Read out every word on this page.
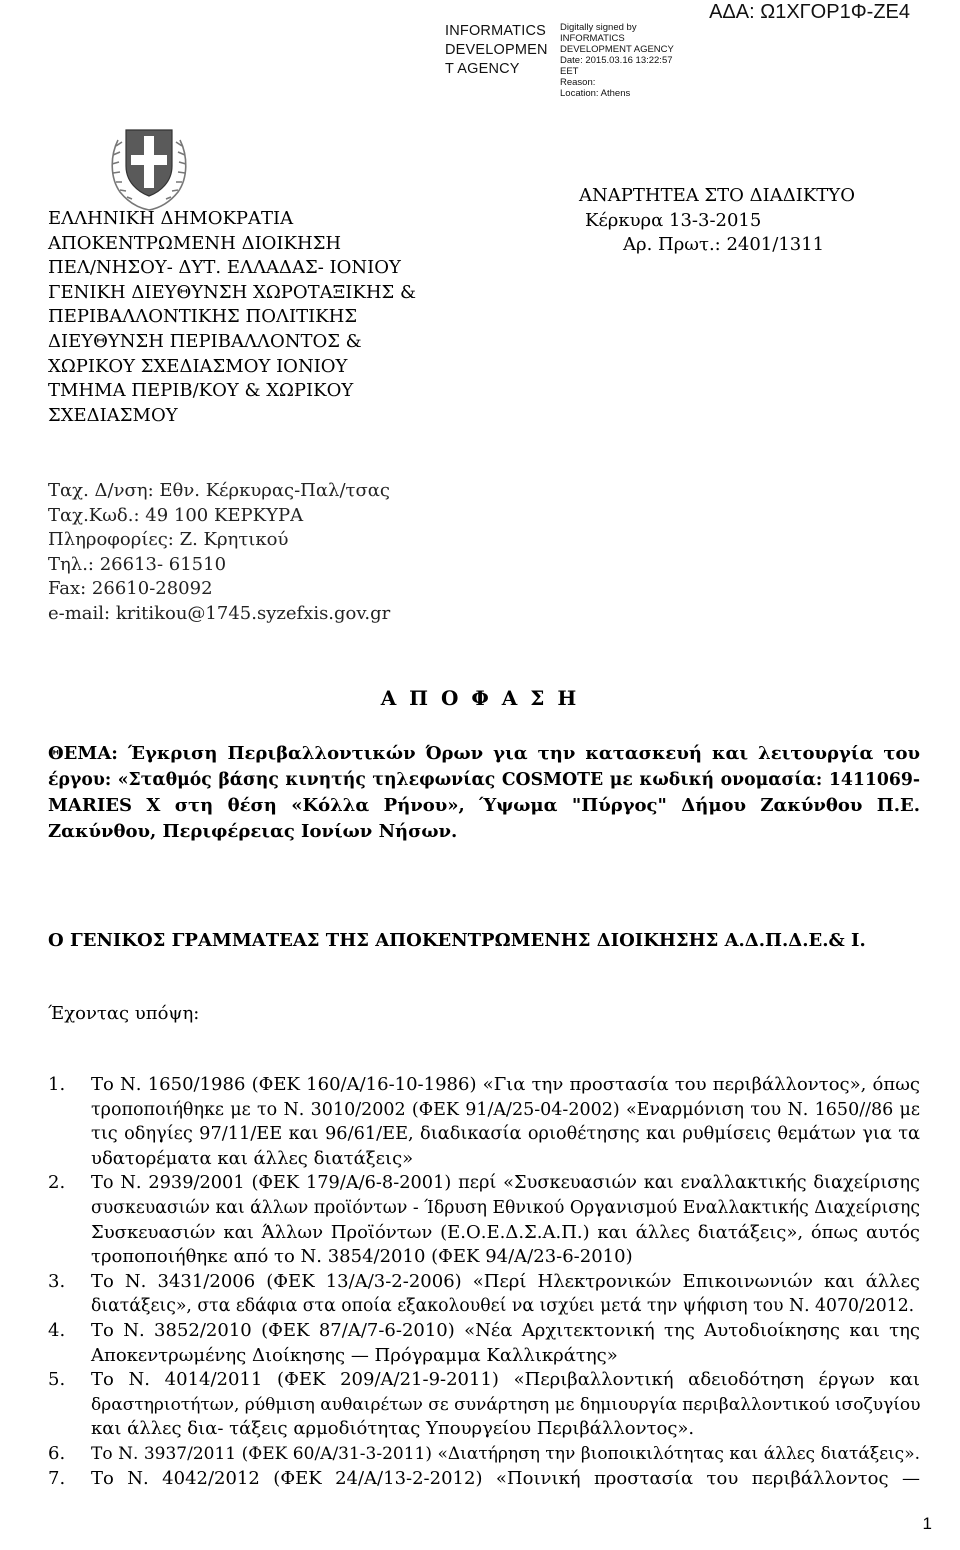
INFORMATICS
DEVELOPMEN
T AGENCY
Digitally signed by
INFORMATICS
DEVELOPMENT AGENCY
Date: 2015.03.16 13:22:57
EET
Reason:
Location: Athens
ΑΔΑ: Ω1ΧΓΟΡ1Φ-ΖΕ4
ΕΛΛΗΝΙΚΗ ΔΗΜΟΚΡΑΤΙΑ
ΑΠΟΚΕΝΤΡΩΜΕΝΗ ΔΙΟΙΚΗΣΗ
ΠΕΛ/ΝΗΣΟΥ- ΔΥΤ. ΕΛΛΑΔΑΣ- ΙΟΝΙΟΥ
ΓΕΝΙΚΗ ΔΙΕΥΘΥΝΣΗ ΧΩΡΟΤΑΞΙΚΗΣ &
ΠΕΡΙΒΑΛΛΟΝΤΙΚΗΣ ΠΟΛΙΤΙΚΗΣ
ΔΙΕΥΘΥΝΣΗ ΠΕΡΙΒΑΛΛΟΝΤΟΣ &
ΧΩΡΙΚΟΥ ΣΧΕΔΙΑΣΜΟΥ ΙΟΝΙΟΥ
ΤΜΗΜΑ ΠΕΡΙΒ/ΚΟΥ & ΧΩΡΙΚΟΥ
ΣΧΕΔΙΑΣΜΟΥ
ΑΝΑΡΤΗΤΕΑ ΣΤΟ ΔΙΑΔΙΚΤΥΟ
Κέρκυρα 13-3-2015
Αρ. Πρωτ.: 2401/1311
Ταχ. Δ/νση: Εθν. Κέρκυρας-Παλ/τσας
Ταχ.Κωδ.: 49 100 ΚΕΡΚΥΡΑ
Πληροφορίες: Ζ. Κρητικού
Τηλ.: 26613- 61510
Fax: 26610-28092
e-mail: kritikou@1745.syzefxis.gov.gr
Α Π Ο Φ Α Σ Η
ΘΕΜΑ: Έγκριση Περιβαλλοντικών Όρων για την κατασκευή και λειτουργία του
έργου: «Σταθμός βάσης κινητής τηλεφωνίας COSMOTE με κωδική ονομασία: 1411069-
MARIES X στη θέση «Κόλλα Ρήνου», Ύψωμα "Πύργος" Δήμου Ζακύνθου Π.Ε.
Ζακύνθου, Περιφέρειας Ιονίων Νήσων.
Ο ΓΕΝΙΚΟΣ ΓΡΑΜΜΑΤΕΑΣ ΤΗΣ ΑΠΟΚΕΝΤΡΩΜΕΝΗΣ ΔΙΟΙΚΗΣΗΣ Α.Δ.Π.Δ.Ε.& Ι.
Έχοντας υπόψη:
1. Το Ν. 1650/1986 (ΦΕΚ 160/Α/16-10-1986) «Για την προστασία του περιβάλλοντος», όπως
τροποποιήθηκε με το Ν. 3010/2002 (ΦΕΚ 91/Α/25-04-2002) «Εναρμόνιση του Ν. 1650//86 με
τις οδηγίες 97/11/ΕΕ και 96/61/ΕΕ, διαδικασία οριοθέτησης και ρυθμίσεις θεμάτων για τα
υδατορέματα και άλλες διατάξεις»
2. Το Ν. 2939/2001 (ΦΕΚ 179/Α/6-8-2001) περί «Συσκευασιών και εναλλακτικής διαχείρισης
συσκευασιών και άλλων προϊόντων - Ίδρυση Εθνικού Οργανισμού Εναλλακτικής Διαχείρισης
Συσκευασιών και Άλλων Προϊόντων (Ε.Ο.Ε.Δ.Σ.Α.Π.) και άλλες διατάξεις», όπως αυτός
τροποποιήθηκε από το Ν. 3854/2010 (ΦΕΚ 94/Α/23-6-2010)
3. Το Ν. 3431/2006 (ΦΕΚ 13/Α/3-2-2006) «Περί Ηλεκτρονικών Επικοινωνιών και άλλες
διατάξεις», στα εδάφια στα οποία εξακολουθεί να ισχύει μετά την ψήφιση του Ν. 4070/2012.
4. Το Ν. 3852/2010 (ΦΕΚ 87/Α/7-6-2010) «Νέα Αρχιτεκτονική της Αυτοδιοίκησης και της
Αποκεντρωμένης Διοίκησης — Πρόγραμμα Καλλικράτης»
5. Το Ν. 4014/2011 (ΦΕΚ 209/Α/21-9-2011) «Περιβαλλοντική αδειοδότηση έργων και
δραστηριοτήτων, ρύθμιση αυθαιρέτων σε συνάρτηση με δημιουργία περιβαλλοντικού ισοζυγίου
και άλλες δια- τάξεις αρμοδιότητας Υπουργείου Περιβάλλοντος».
6. Το Ν. 3937/2011 (ΦΕΚ 60/Α/31-3-2011) «Διατήρηση την βιοποικιλότητας και άλλες διατάξεις».
7. Το Ν. 4042/2012 (ΦΕΚ 24/Α/13-2-2012) «Ποινική προστασία του περιβάλλοντος —
1
